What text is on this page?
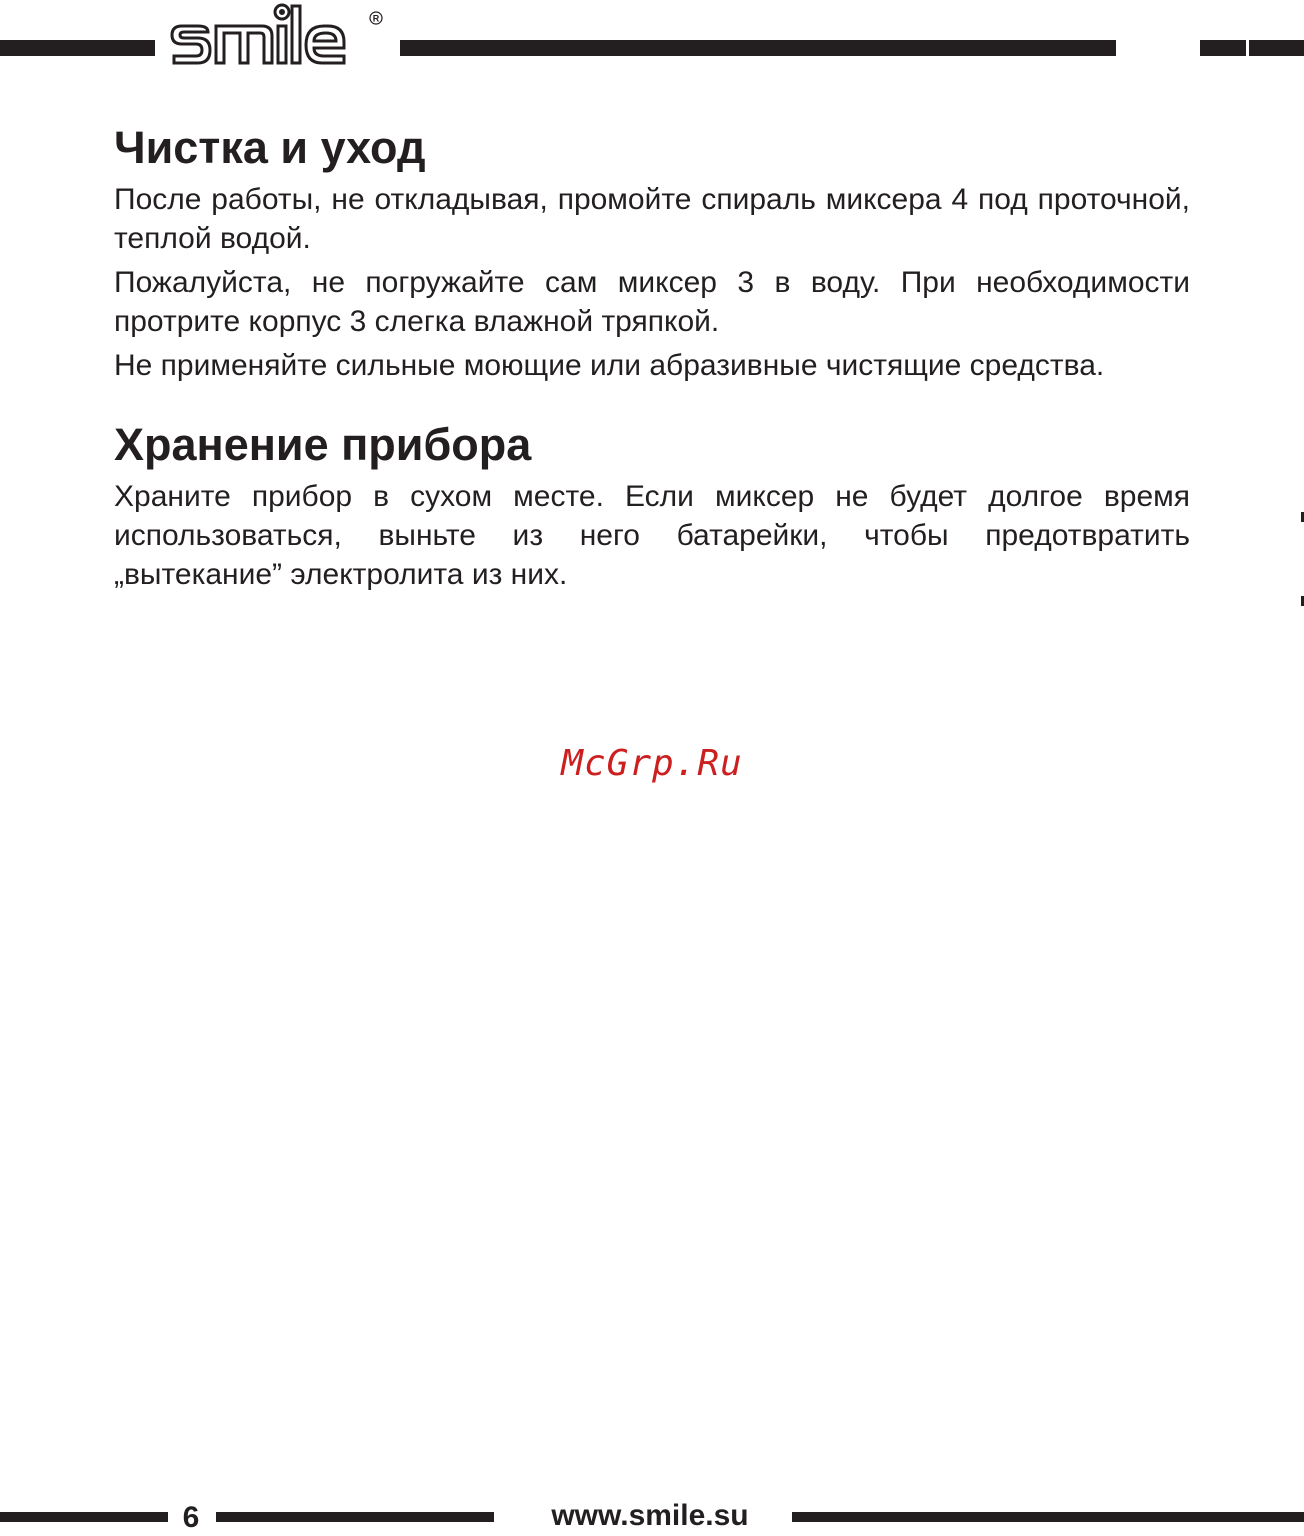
R
Чистка и уход

После работы, не откладывая, промойте спираль миксера 4 под проточной, теплой водой.

Пожалуйста, не погружайте сам миксер 3 в воду. При необходимости протрите корпус 3 слегка влажной тряпкой.

Не применяйте сильные моющие или абразивные чистящие средства.

Хранение прибора

Храните прибор в сухом месте. Если миксер не будет долгое время использоваться, выньте из него батарейки, чтобы предотвратить „вытекание” электролита из них.

McGrp.Ru
6	www.smile.su
